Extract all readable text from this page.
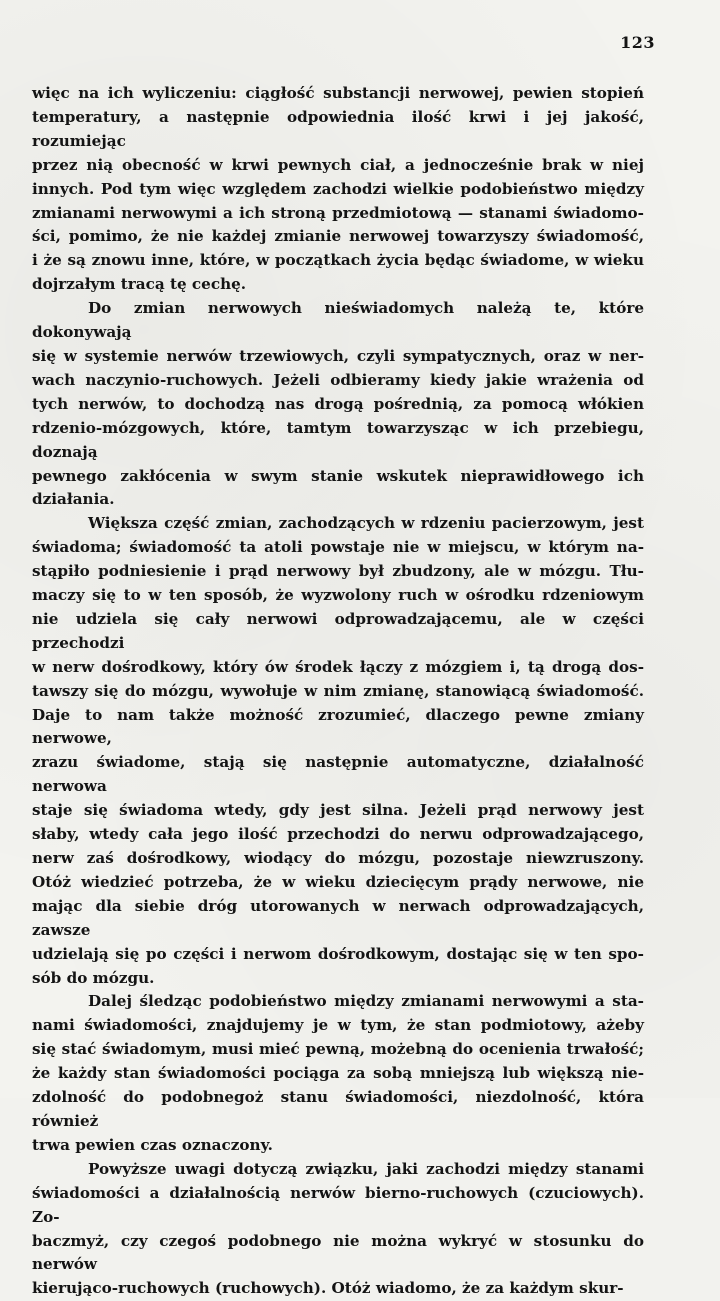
123

więc na ich wyliczeniu: ciągłość substancji nerwowej, pewien stopień
temperatury, a następnie odpowiednia ilość krwi i jej jakość, rozumiejąc
przez nią obecność w krwi pewnych ciał, a jednocześnie brak w niej
innych. Pod tym więc względem zachodzi wielkie podobieństwo między
zmianami nerwowymi a ich stroną przedmiotową — stanami świadomo-
ści, pomimo, że nie każdej zmianie nerwowej towarzyszy świadomość,
i że są znowu inne, które, w początkach życia będąc świadome, w wieku
dojrzałym tracą tę cechę.

Do zmian nerwowych nieświadomych należą te, które dokonywają
się w systemie nerwów trzewiowych, czyli sympatycznych, oraz w ner-
wach naczynio-ruchowych. Jeżeli odbieramy kiedy jakie wrażenia od
tych nerwów, to dochodzą nas drogą pośrednią, za pomocą włókien
rdzenio-mózgowych, które, tamtym towarzysząc w ich przebiegu, doznają
pewnego zakłócenia w swym stanie wskutek nieprawidłowego ich
działania.

Większa część zmian, zachodzących w rdzeniu pacierzowym, jest
świadoma; świadomość ta atoli powstaje nie w miejscu, w którym na-
stąpiło podniesienie i prąd nerwowy był zbudzony, ale w mózgu. Tłu-
maczy się to w ten sposób, że wyzwolony ruch w ośrodku rdzeniowym
nie udziela się cały nerwowi odprowadzającemu, ale w części przechodzi
w nerw dośrodkowy, który ów środek łączy z mózgiem i, tą drogą dos-
tawszy się do mózgu, wywołuje w nim zmianę, stanowiącą świadomość.
Daje to nam także możność zrozumieć, dlaczego pewne zmiany nerwowe,
zrazu świadome, stają się następnie automatyczne, działalność nerwowa
staje się świadoma wtedy, gdy jest silna. Jeżeli prąd nerwowy jest
słaby, wtedy cała jego ilość przechodzi do nerwu odprowadzającego,
nerw zaś dośrodkowy, wiodący do mózgu, pozostaje niewzruszony.
Otóż wiedzieć potrzeba, że w wieku dziecięcym prądy nerwowe, nie
mając dla siebie dróg utorowanych w nerwach odprowadzających, zawsze
udzielają się po części i nerwom dośrodkowym, dostając się w ten spo-
sób do mózgu.

Dalej śledząc podobieństwo między zmianami nerwowymi a sta-
nami świadomości, znajdujemy je w tym, że stan podmiotowy, ażeby
się stać świadomym, musi mieć pewną, możebną do ocenienia trwałość;
że każdy stan świadomości pociąga za sobą mniejszą lub większą nie-
zdolność do podobnegoż stanu świadomości, niezdolność, która również
trwa pewien czas oznaczony.

Powyższe uwagi dotyczą związku, jaki zachodzi między stanami
świadomości a działalnością nerwów bierno-ruchowych (czuciowych). Zo-
baczmyż, czy czegoś podobnego nie można wykryć w stosunku do nerwów
kierująco-ruchowych (ruchowych). Otóż wiadomo, że za każdym skur-
